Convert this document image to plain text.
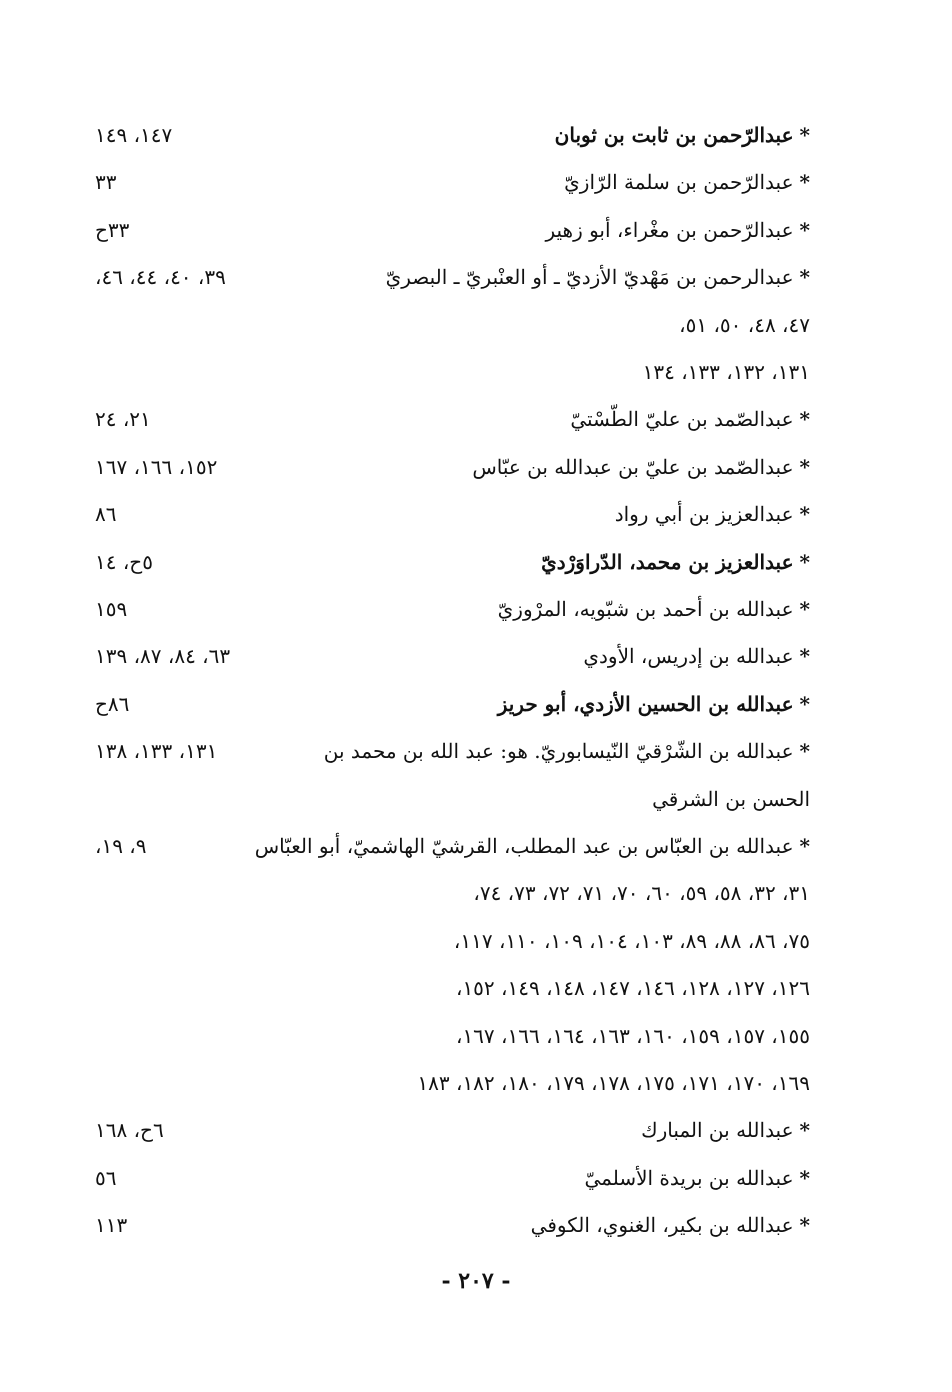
*عبدالرّحمن بن ثابت بن ثوبان
١٤٧، ١٤٩
*عبدالرّحمن بن سلمة الرّازيّ
٣٣
*عبدالرّحمن بن مغْراء، أبو زهير
٣٣ح
*عبدالرحمن بن مَهْديّ الأزديّ ـ أو العنْبريّ ـ البصريّ
٣٩، ٤٠، ٤٤، ٤٦،
٤٧، ٤٨، ٥٠، ٥١،
١٣١، ١٣٢، ١٣٣، ١٣٤
*عبدالصّمد بن عليّ الطّسْتيّ
٢١، ٢٤
*عبدالصّمد بن عليّ بن عبدالله بن عبّاس
١٥٢، ١٦٦، ١٦٧
*عبدالعزيز بن أبي رواد
٨٦
*عبدالعزيز بن محمد، الدّراوَرْديّ
٥ح، ١٤
*عبدالله بن أحمد بن شبّويه، المرْوزيّ
١٥٩
*عبدالله بن إدريس، الأودي
٦٣، ٨٤، ٨٧، ١٣٩
*عبدالله بن الحسين الأزدي، أبو حريز
٨٦ح
*عبدالله بن الشّرْقيّ النّيسابوريّ. هو: عبد الله بن محمد بن
١٣١، ١٣٣، ١٣٨
الحسن بن الشرقي
*عبدالله بن العبّاس بن عبد المطلب، القرشيّ الهاشميّ، أبو العبّاس
٩، ١٩،
٣١، ٣٢، ٥٨، ٥٩، ٦٠، ٧٠، ٧١، ٧٢، ٧٣، ٧٤،
٧٥، ٨٦، ٨٨، ٨٩، ١٠٣، ١٠٤، ١٠٩، ١١٠، ١١٧،
١٢٦، ١٢٧، ١٢٨، ١٤٦، ١٤٧، ١٤٨، ١٤٩، ١٥٢،
١٥٥، ١٥٧، ١٥٩، ١٦٠، ١٦٣، ١٦٤، ١٦٦، ١٦٧،
١٦٩، ١٧٠، ١٧١، ١٧٥، ١٧٨، ١٧٩، ١٨٠، ١٨٢، ١٨٣
*عبدالله بن المبارك
٦ح، ١٦٨
*عبدالله بن بريدة الأسلميّ
٥٦
*عبدالله بن بكير، الغنوي، الكوفي
١١٣
- ٢٠٧ -
